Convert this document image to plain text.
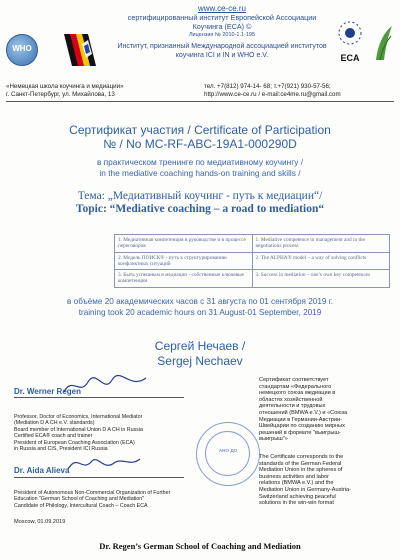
WHO
www.ce-ce.ru
сертифицированный институт Европейской Ассоциации Коучинга (ECA) ©
Лицензия № 2010-1.1-195
Институт, признанный Международной ассоциацией институтов коучинга ICI и IN и WHO e.V.	ECA
«Немецкая школа коучинга и медиации»
г. Санкт-Петербург, ул. Михайлова, 13
тел. +7(812) 974-14- 68; т.+7(921) 930-57-56;
http://www.ce-ce.ru / e-mail:ce4me.ru@gmail.com
Сертификат участия / Certificate of Participation
№ / No MC-RF-ABC-19A1-000290D
в практическом тренинге по медиативному коучингу /
in the mediative coaching hands-on training and skills /
Тема: „Медиативный коучинг - путь к медиации“/
Topic: “Mediative coaching – a road to mediation“
1. Медиативная компетенция в руководстве и в процессе переговоров	1. Mediative competence in management and in the negotiations process
2. Модель ПОИСК® - путь к структурированию конфликтных ситуаций	2. The ALPHA® model – a way of solving conflicts
3. Быть успешным в медиации - собственные ключевые компетенции	3. Success in mediation – one’s own key competences
в объёме 20 академических часов с 31 августа по 01 сентября 2019 г.
training took 20 academic hours on 31 August-01 September, 2019
Сергей Нечаев /
Sergej Nechaev
Dr. Werner Regen
Professor, Doctor of Economics, International Mediator
(Mediation D A CH e.V. standards)
Board member of International Union D A CH in Russia
Certified ECA® coach and trainer
President of European Coaching Association (ECA)
in Russia and CIS, President ICI Russia
Dr. Aida Alieva
President of Autonomous Non-Commercial Organization of Further
Education "German School of Coaching and Mediation"
Candidate of Philology, Intercultural Coach – Coach ECA
АНО ДО
Сертификат соответствует
стандартам «Федерального
немецкого союза медиации в
областях хозяйственной
деятельности и трудовых
отношений (BMWA e.V.) и «Союза
Медиации в Германии-Австрии-
Швейцарии по созданию мирных
решений в формате "выигрыш-
выигрыш"»
The Certificate corresponds to the
standards of the German Federal
Mediation Union in the spheres of
business activities and labor
relations (BMWA e.V.) and the
Mediation Union in Germany-Austria-
Switzerland achieving peaceful
solutions in the win-win format
Moscow, 01.09.2019
Dr. Regen’s German School of Coaching and Mediation
